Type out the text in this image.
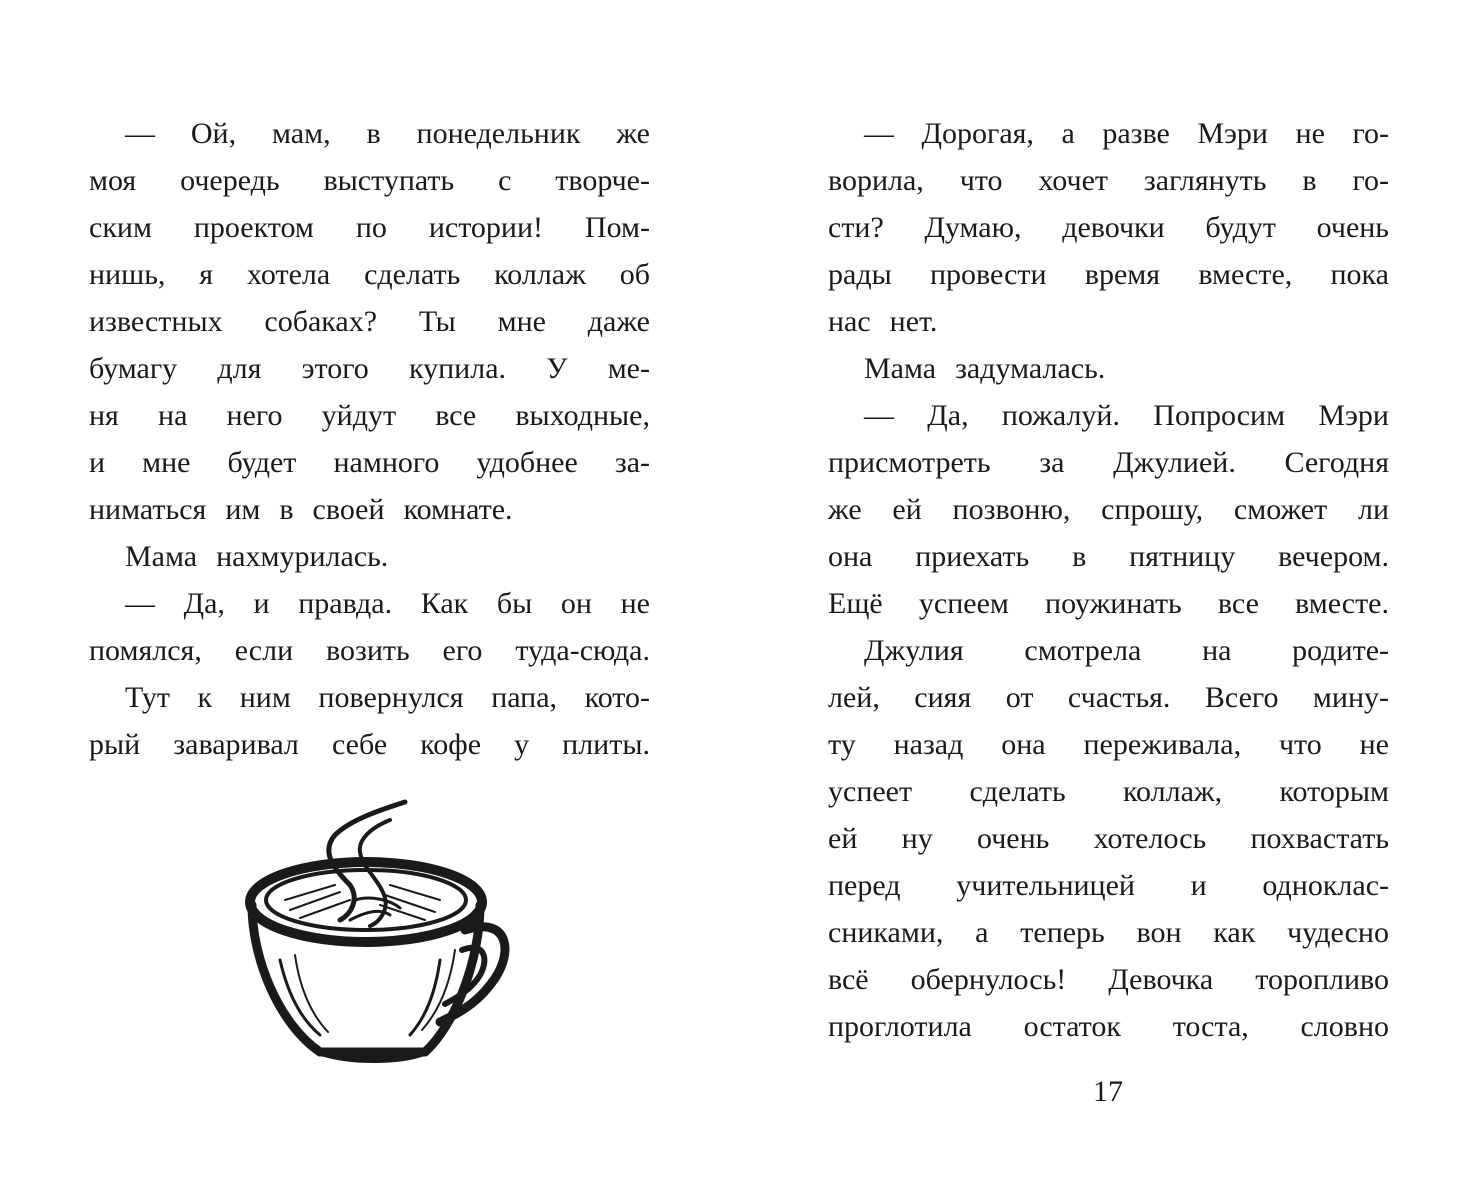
— Ой, мам, в понедельник же
моя очередь выступать с творче-
ским проектом по истории! Пом-
нишь, я хотела сделать коллаж об
известных собаках? Ты мне даже
бумагу для этого купила. У ме-
ня на него уйдут все выходные,
и мне будет намного удобнее за-
ниматься  им  в  своей  комнате.
Мама  нахмурилась.
— Да, и правда. Как бы он не
помялся, если возить его туда-сюда.
Тут к ним повернулся папа, кото-
рый заваривал себе кофе у плиты.
— Дорогая, а разве Мэри не го-
ворила, что хочет заглянуть в го-
сти? Думаю, девочки будут очень
рады провести время вместе, пока
нас  нет.
Мама  задумалась.
— Да, пожалуй. Попросим Мэри
присмотреть за Джулией. Сегодня
же ей позвоню, спрошу, сможет ли
она приехать в пятницу вечером.
Ещё успеем поужинать все вместе.
Джулия смотрела на родите-
лей, сияя от счастья. Всего мину-
ту назад она переживала, что не
успеет сделать коллаж, которым
ей ну очень хотелось похвастать
перед учительницей и одноклас-
сниками, а теперь вон как чудесно
всё обернулось! Девочка торопливо
проглотила остаток тоста, словно
17
